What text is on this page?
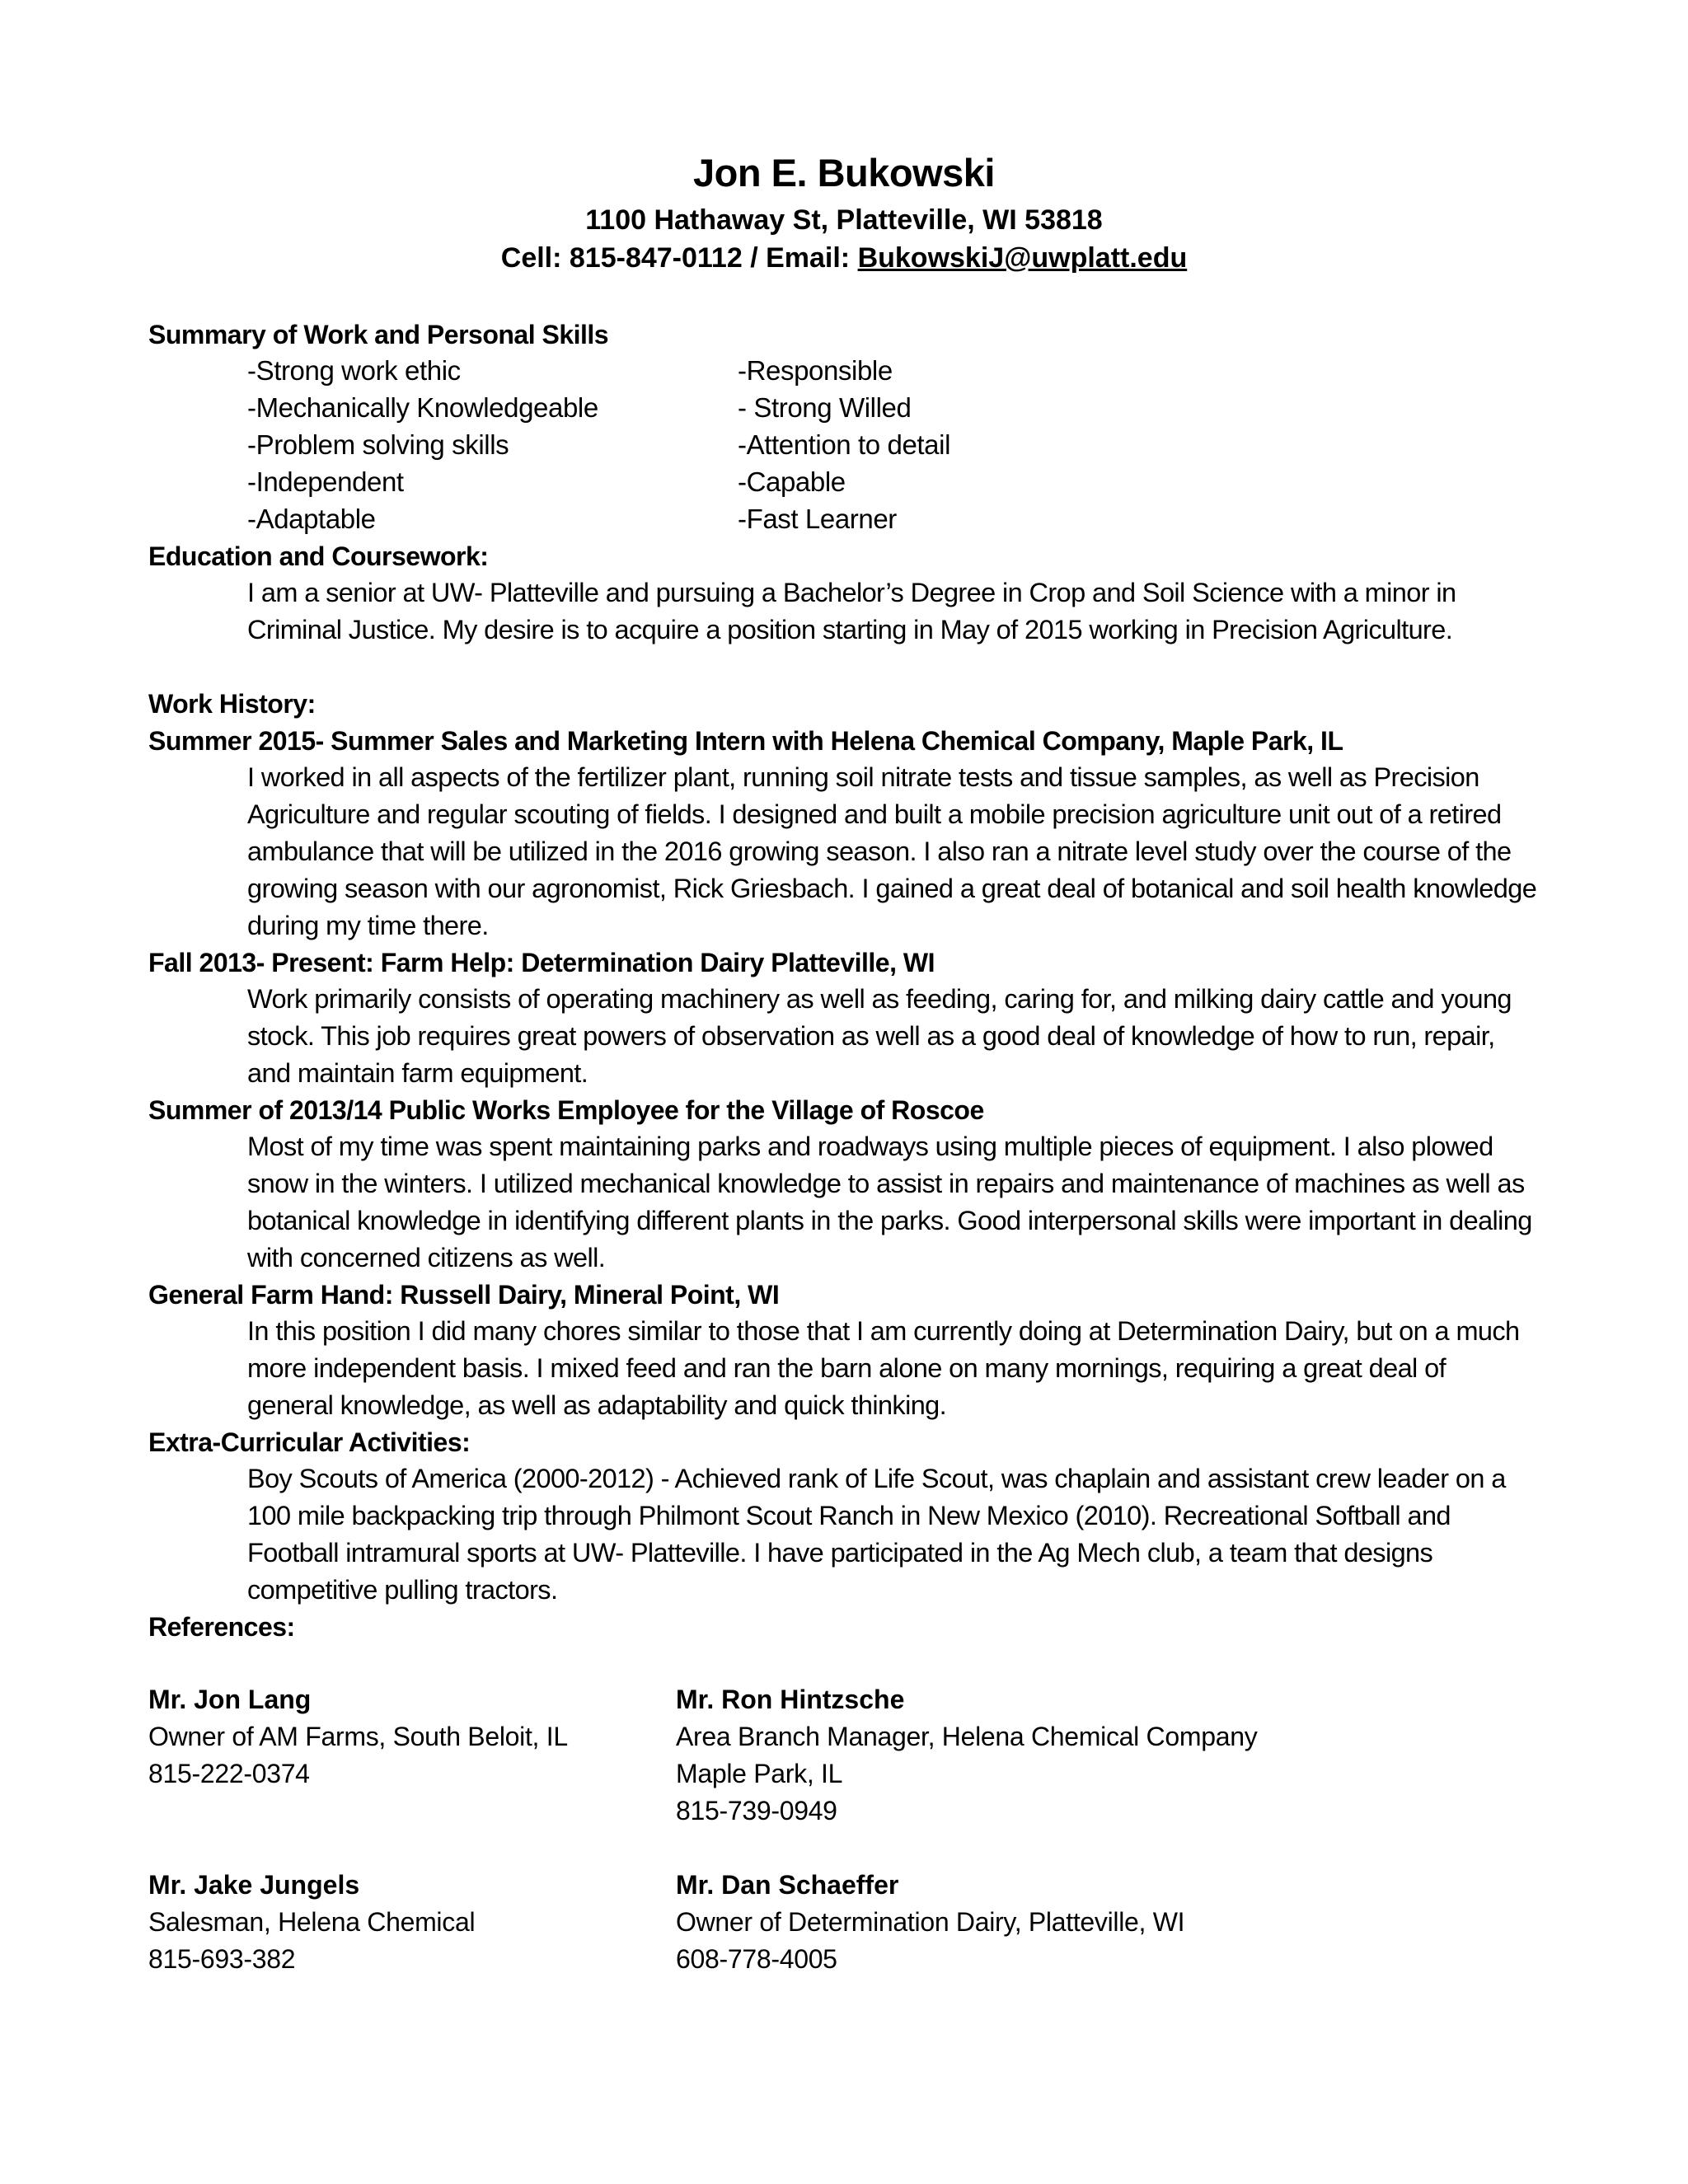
Jon E. Bukowski
1100 Hathaway St, Platteville, WI 53818
Cell: 815-847-0112 / Email: BukowskiJ@uwplatt.edu
Summary of Work and Personal Skills
-Strong work ethic
-Mechanically Knowledgeable
-Problem solving skills
-Independent
-Adaptable
-Responsible
- Strong Willed
-Attention to detail
-Capable
-Fast Learner
Education and Coursework:
I am a senior at UW- Platteville and pursuing a Bachelor’s Degree in Crop and Soil Science with a minor in Criminal Justice. My desire is to acquire a position starting in May of 2015 working in Precision Agriculture.
Work History:
Summer 2015- Summer Sales and Marketing Intern with Helena Chemical Company, Maple Park, IL
I worked in all aspects of the fertilizer plant, running soil nitrate tests and tissue samples, as well as Precision Agriculture and regular scouting of fields. I designed and built a mobile precision agriculture unit out of a retired ambulance that will be utilized in the 2016 growing season. I also ran a nitrate level study over the course of the growing season with our agronomist, Rick Griesbach. I gained a great deal of botanical and soil health knowledge during my time there.
Fall 2013- Present: Farm Help: Determination Dairy Platteville, WI
Work primarily consists of operating machinery as well as feeding, caring for, and milking dairy cattle and young stock. This job requires great powers of observation as well as a good deal of knowledge of how to run, repair, and maintain farm equipment.
Summer of 2013/14 Public Works Employee for the Village of Roscoe
Most of my time was spent maintaining parks and roadways using multiple pieces of equipment. I also plowed snow in the winters. I utilized mechanical knowledge to assist in repairs and maintenance of machines as well as botanical knowledge in identifying different plants in the parks. Good interpersonal skills were important in dealing with concerned citizens as well.
General Farm Hand: Russell Dairy, Mineral Point, WI
In this position I did many chores similar to those that I am currently doing at Determination Dairy, but on a much more independent basis. I mixed feed and ran the barn alone on many mornings, requiring a great deal of general knowledge, as well as adaptability and quick thinking.
Extra-Curricular Activities:
Boy Scouts of America (2000-2012) - Achieved rank of Life Scout, was chaplain and assistant crew leader on a 100 mile backpacking trip through Philmont Scout Ranch in New Mexico (2010). Recreational Softball and Football intramural sports at UW- Platteville. I have participated in the Ag Mech club, a team that designs competitive pulling tractors.
References:
Mr. Jon Lang
Owner of AM Farms, South Beloit, IL
815-222-0374
Mr. Ron Hintzsche
Area Branch Manager, Helena Chemical Company
Maple Park, IL
815-739-0949
Mr. Jake Jungels
Salesman, Helena Chemical
815-693-382
Mr. Dan Schaeffer
Owner of Determination Dairy, Platteville, WI
608-778-4005
